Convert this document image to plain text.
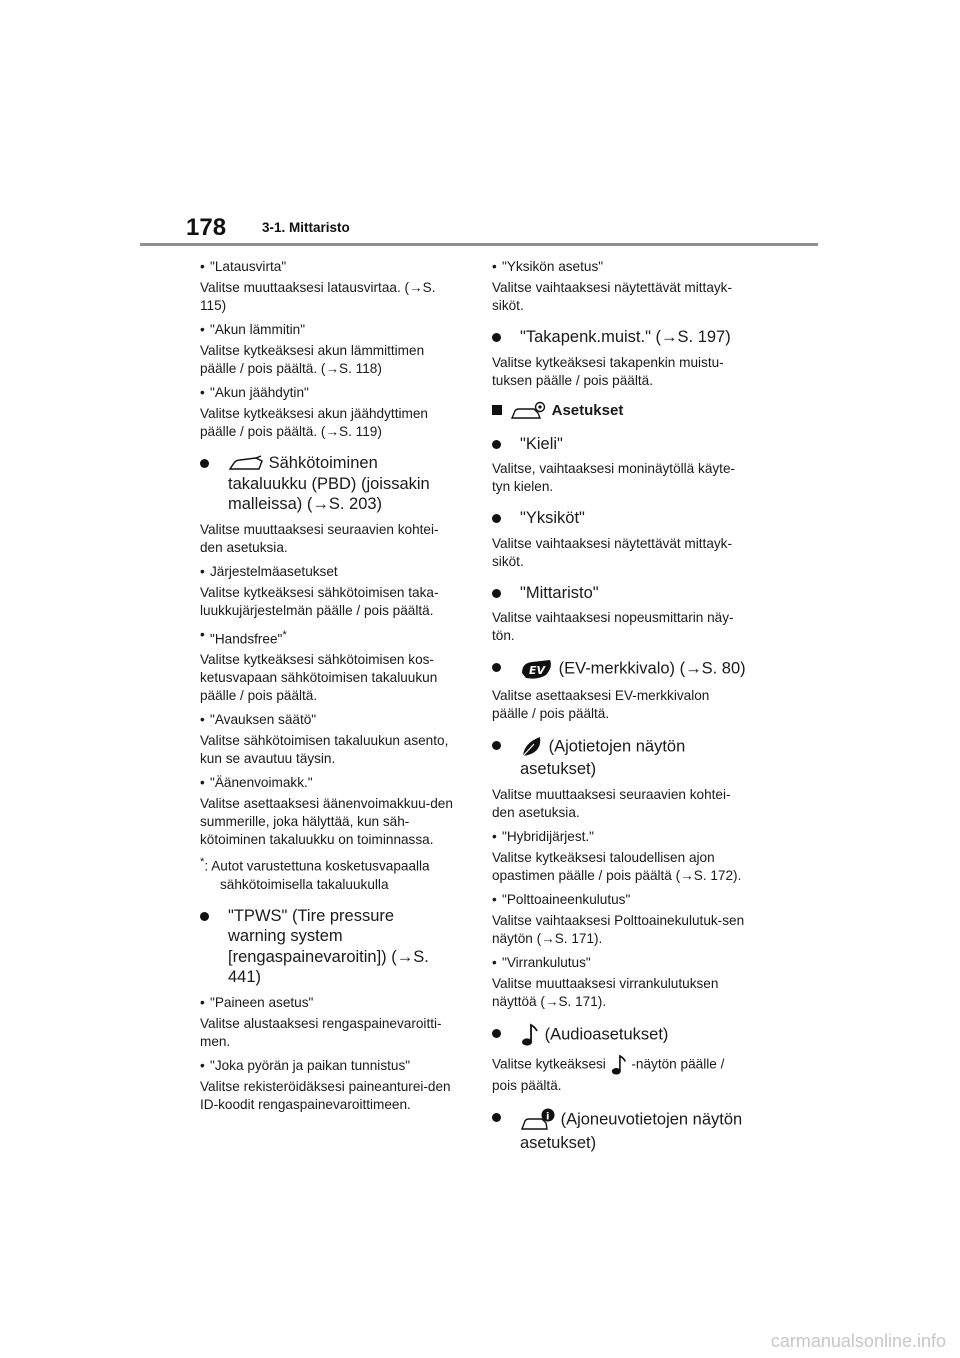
178	3-1. Mittaristo
• "Latausvirta"
Valitse muuttaaksesi latausvirtaa. (→S. 115)
• "Akun lämmitin"
Valitse kytkeäksesi akun lämmittimen päälle / pois päältä. (→S. 118)
• "Akun jäähdytin"
Valitse kytkeäksesi akun jäähdyttimen päälle / pois päältä. (→S. 119)
Sähkötoiminen takaluukku (PBD) (joissakin malleissa) (→S. 203)
Valitse muuttaaksesi seuraavien kohtei-den asetuksia.
• Järjestelmäasetukset
Valitse kytkeäksesi sähkötoimisen taka-luukkujärjestelmän päälle / pois päältä.
• "Handsfree"*
Valitse kytkeäksesi sähkötoimisen kos-ketusvapaan sähkötoimisen takaluukun päälle / pois päältä.
• "Avauksen säätö"
Valitse sähkötoimisen takaluukun asento, kun se avautuu täysin.
• "Äänenvoimakk."
Valitse asettaaksesi äänenvoimakkuu-den summerille, joka hälyttää, kun säh-kötoiminen takaluukku on toiminnassa.
*: Autot varustettuna kosketusvapaalla sähkötoimisella takaluukulla
"TPWS" (Tire pressure warning system [rengaspainevaroitin]) (→S. 441)
• "Paineen asetus"
Valitse alustaaksesi rengaspainevaroitti-men.
• "Joka pyörän ja paikan tunnistus"
Valitse rekisteröidäksesi paineanturei-den ID-koodit rengaspainevaroittimeen.
• "Yksikön asetus"
Valitse vaihtaaksesi näytettävät mittayk-siköt.
"Takapenk.muist." (→S. 197)
Valitse kytkeäksesi takapenkin muistu-tuksen päälle / pois päältä.
Asetukset
"Kieli"
Valitse, vaihtaaksesi moninäytöllä käyte-tyn kielen.
"Yksiköt"
Valitse vaihtaaksesi näytettävät mittayk-siköt.
"Mittaristo"
Valitse vaihtaaksesi nopeusmittarin näy-tön.
EV (EV-merkkivalo) (→S. 80)
Valitse asettaaksesi EV-merkkivalon päälle / pois päältä.
(Ajotietojen näytön asetukset)
Valitse muuttaaksesi seuraavien kohtei-den asetuksia.
• "Hybridijärjest."
Valitse kytkeäksesi taloudellisen ajon opastimen päälle / pois päältä (→S. 172).
• "Polttoaineenkulutus"
Valitse vaihtaaksesi Polttoainekulutuk-sen näytön (→S. 171).
• "Virrankulutus"
Valitse muuttaaksesi virrankulutuksen näyttöä (→S. 171).
(Audioasetukset)
Valitse kytkeäksesi -näytön päälle / pois päältä.
i (Ajoneuvotietojen näytön asetukset)
carmanualsonline.info
